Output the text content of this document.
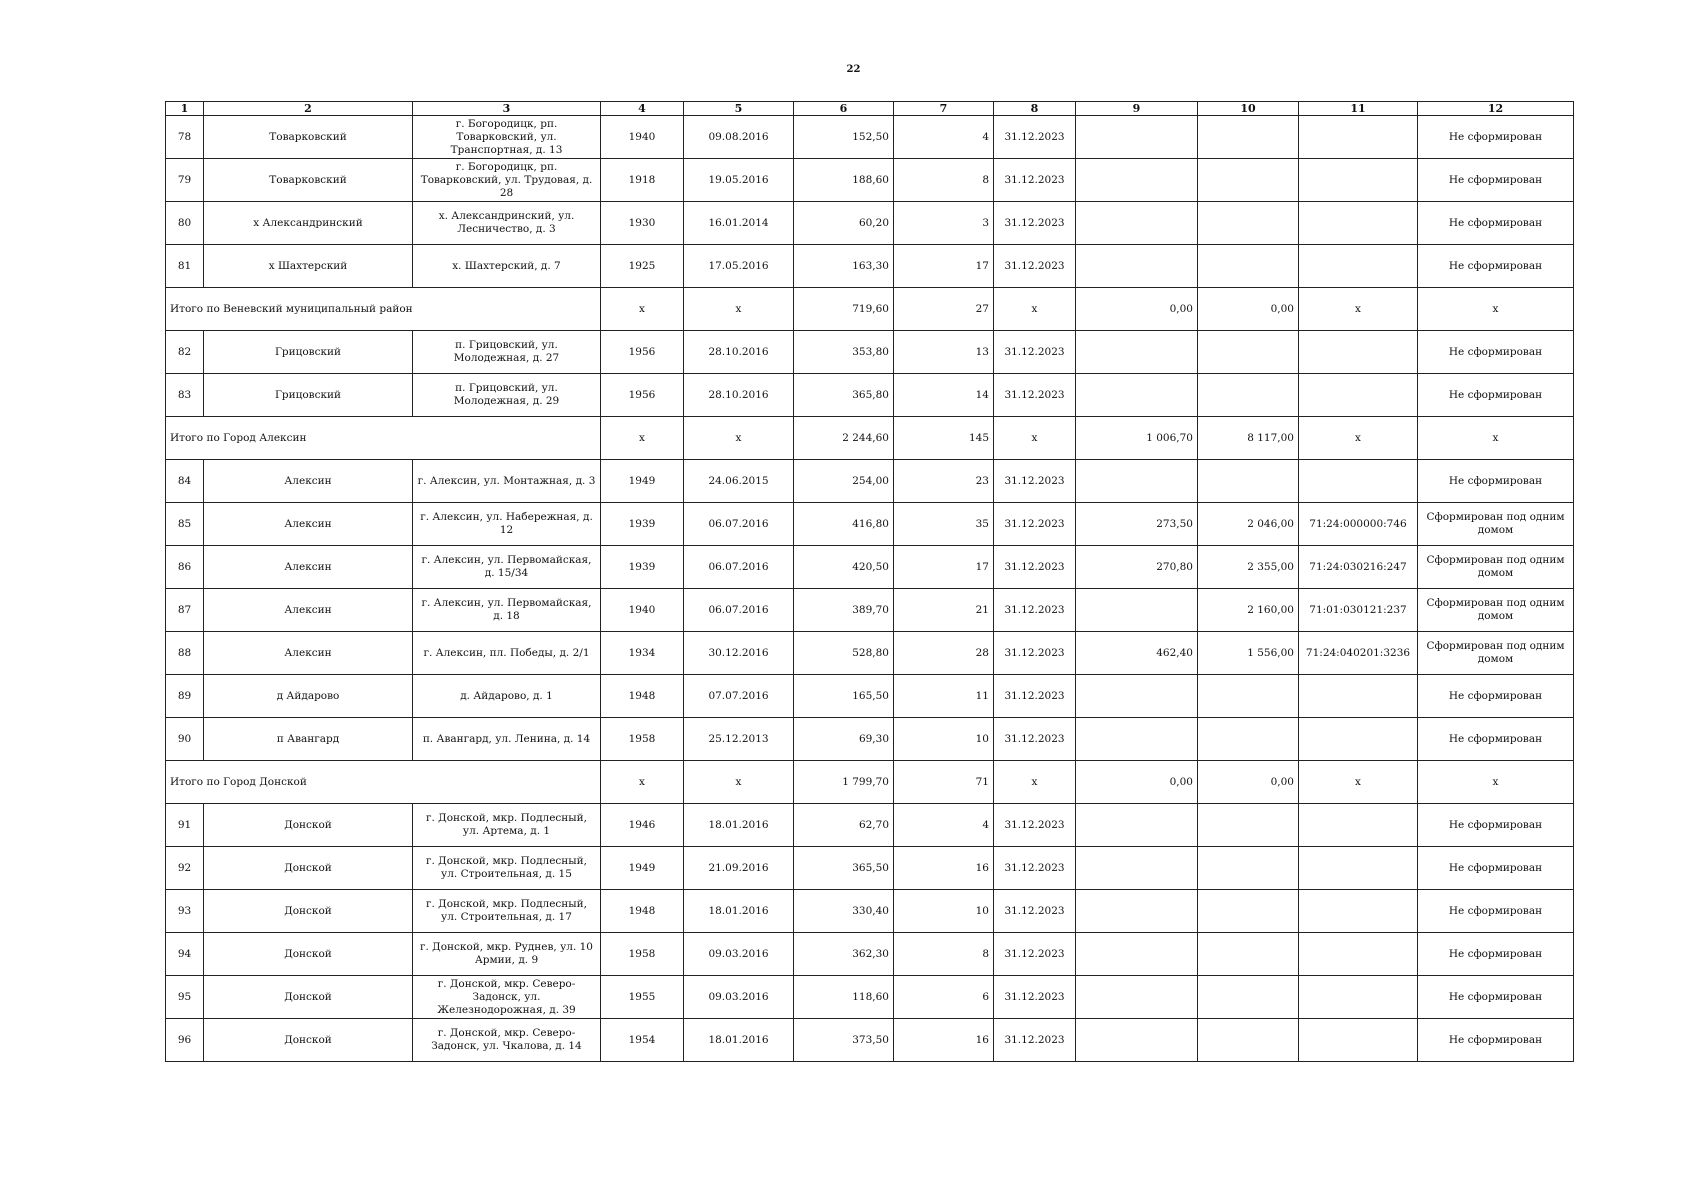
22
1	2	3	4	5	6	7	8	9	10	11	12
78	Товарковский	г. Богородицк, рп. Товарковский, ул. Транспортная, д. 13	1940	09.08.2016	152,50	4	31.12.2023				Не сформирован
79	Товарковский	г. Богородицк, рп. Товарковский, ул. Трудовая, д. 28	1918	19.05.2016	188,60	8	31.12.2023				Не сформирован
80	х Александринский	х. Александринский, ул. Лесничество, д. 3	1930	16.01.2014	60,20	3	31.12.2023				Не сформирован
81	х Шахтерский	х. Шахтерский, д. 7	1925	17.05.2016	163,30	17	31.12.2023				Не сформирован
Итого по Веневский муниципальный район			х	х	719,60	27	х	0,00	0,00	х	х
82	Грицовский	п. Грицовский, ул. Молодежная, д. 27	1956	28.10.2016	353,80	13	31.12.2023				Не сформирован
83	Грицовский	п. Грицовский, ул. Молодежная, д. 29	1956	28.10.2016	365,80	14	31.12.2023				Не сформирован
Итого по Город Алексин			х	х	2 244,60	145	х	1 006,70	8 117,00	х	х
84	Алексин	г. Алексин, ул. Монтажная, д. 3	1949	24.06.2015	254,00	23	31.12.2023				Не сформирован
85	Алексин	г. Алексин, ул. Набережная, д. 12	1939	06.07.2016	416,80	35	31.12.2023	273,50	2 046,00	71:24:000000:746	Сформирован под одним домом
86	Алексин	г. Алексин, ул. Первомайская, д. 15/34	1939	06.07.2016	420,50	17	31.12.2023	270,80	2 355,00	71:24:030216:247	Сформирован под одним домом
87	Алексин	г. Алексин, ул. Первомайская, д. 18	1940	06.07.2016	389,70	21	31.12.2023		2 160,00	71:01:030121:237	Сформирован под одним домом
88	Алексин	г. Алексин, пл. Победы, д. 2/1	1934	30.12.2016	528,80	28	31.12.2023	462,40	1 556,00	71:24:040201:3236	Сформирован под одним домом
89	д Айдарово	д. Айдарово, д. 1	1948	07.07.2016	165,50	11	31.12.2023				Не сформирован
90	п Авангард	п. Авангард, ул. Ленина, д. 14	1958	25.12.2013	69,30	10	31.12.2023				Не сформирован
Итого по Город Донской			х	х	1 799,70	71	х	0,00	0,00	х	х
91	Донской	г. Донской, мкр. Подлесный, ул. Артема, д. 1	1946	18.01.2016	62,70	4	31.12.2023				Не сформирован
92	Донской	г. Донской, мкр. Подлесный, ул. Строительная, д. 15	1949	21.09.2016	365,50	16	31.12.2023				Не сформирован
93	Донской	г. Донской, мкр. Подлесный, ул. Строительная, д. 17	1948	18.01.2016	330,40	10	31.12.2023				Не сформирован
94	Донской	г. Донской, мкр. Руднев, ул. 10 Армии, д. 9	1958	09.03.2016	362,30	8	31.12.2023				Не сформирован
95	Донской	г. Донской, мкр. Северо-Задонск, ул. Железнодорожная, д. 39	1955	09.03.2016	118,60	6	31.12.2023				Не сформирован
96	Донской	г. Донской, мкр. Северо-Задонск, ул. Чкалова, д. 14	1954	18.01.2016	373,50	16	31.12.2023				Не сформирован
